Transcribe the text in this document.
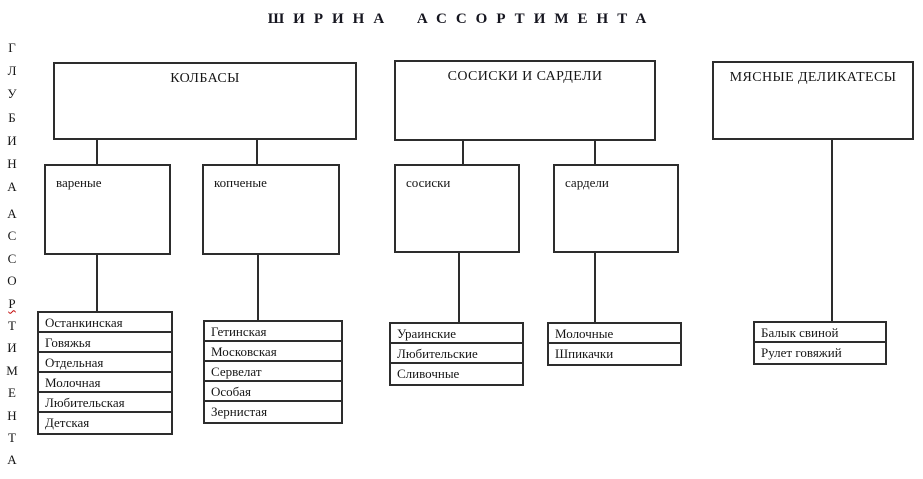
ШИРИНА АССОРТИМЕНТА
Г
Л
У
Б
И
Н
А
А
С
С
О
Р
Т
И
М
Е
Н
Т
А
КОЛБАСЫ	СОСИСКИ И САРДЕЛИ	МЯСНЫЕ ДЕЛИКАТЕСЫ
вареные	копченые	сосиски	сардели
Останкинская
Говяжья
Отдельная
Молочная
Любительская
Детская
Гетинская
Московская
Сервелат
Особая
Зернистая
Ураинские
Любительские
Сливочные
Молочные
Шпикачки
Балык свиной
Рулет говяжий
